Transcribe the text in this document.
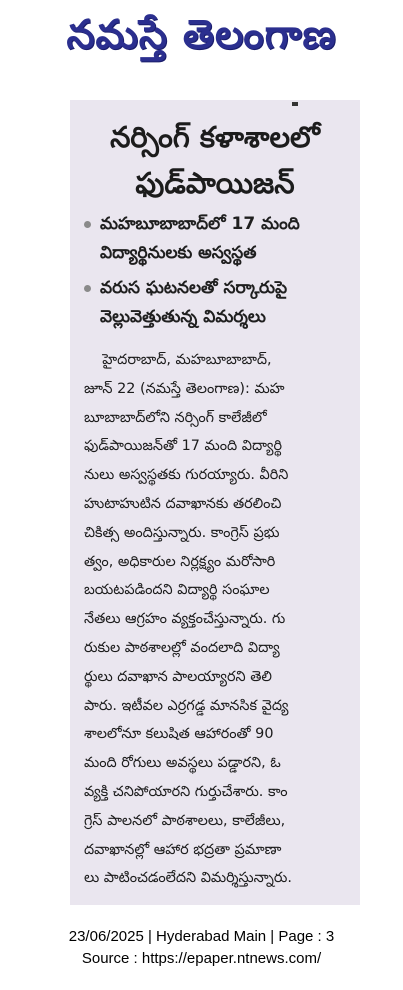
నమస్తే తెలంగాణ
నర్సింగ్ కళాశాలలో
ఫుడ్‌పాయిజన్
మహబూబాబాద్‌లో 17 మంది
విద్యార్థినులకు అస్వస్థత
వరుస ఘటనలతో సర్కారుపై
వెల్లువెత్తుతున్న విమర్శలు
హైదరాబాద్, మహబూబాబాద్,
జూన్ 22 (నమస్తే తెలంగాణ): మహ
బూబాబాద్‌లోని నర్సింగ్ కాలేజీలో
ఫుడ్‌పాయిజన్‌తో 17 మంది విద్యార్థి
నులు అస్వస్థతకు గురయ్యారు. వీరిని
హుటాహుటిన దవాఖానకు తరలించి
చికిత్స అందిస్తున్నారు. కాంగ్రెస్ ప్రభు
త్వం, అధికారుల నిర్లక్ష్యం మరోసారి
బయటపడిందని విద్యార్థి సంఘాల
నేతలు ఆగ్రహం వ్యక్తంచేస్తున్నారు. గు
రుకుల పాఠశాలల్లో వందలాది విద్యా
ర్థులు దవాఖాన పాలయ్యారని తెలి
పారు. ఇటీవల ఎర్రగడ్డ మానసిక వైద్య
శాలలోనూ కలుషిత ఆహారంతో 90
మంది రోగులు అవస్థలు పడ్డారని, ఓ
వ్యక్తి చనిపోయారని గుర్తుచేశారు. కాం
గ్రెస్ పాలనలో పాఠశాలలు, కాలేజీలు,
దవాఖానల్లో ఆహార భద్రతా ప్రమాణా
లు పాటించడంలేదని విమర్శిస్తున్నారు.
23/06/2025 | Hyderabad Main | Page : 3
Source : https://epaper.ntnews.com/
